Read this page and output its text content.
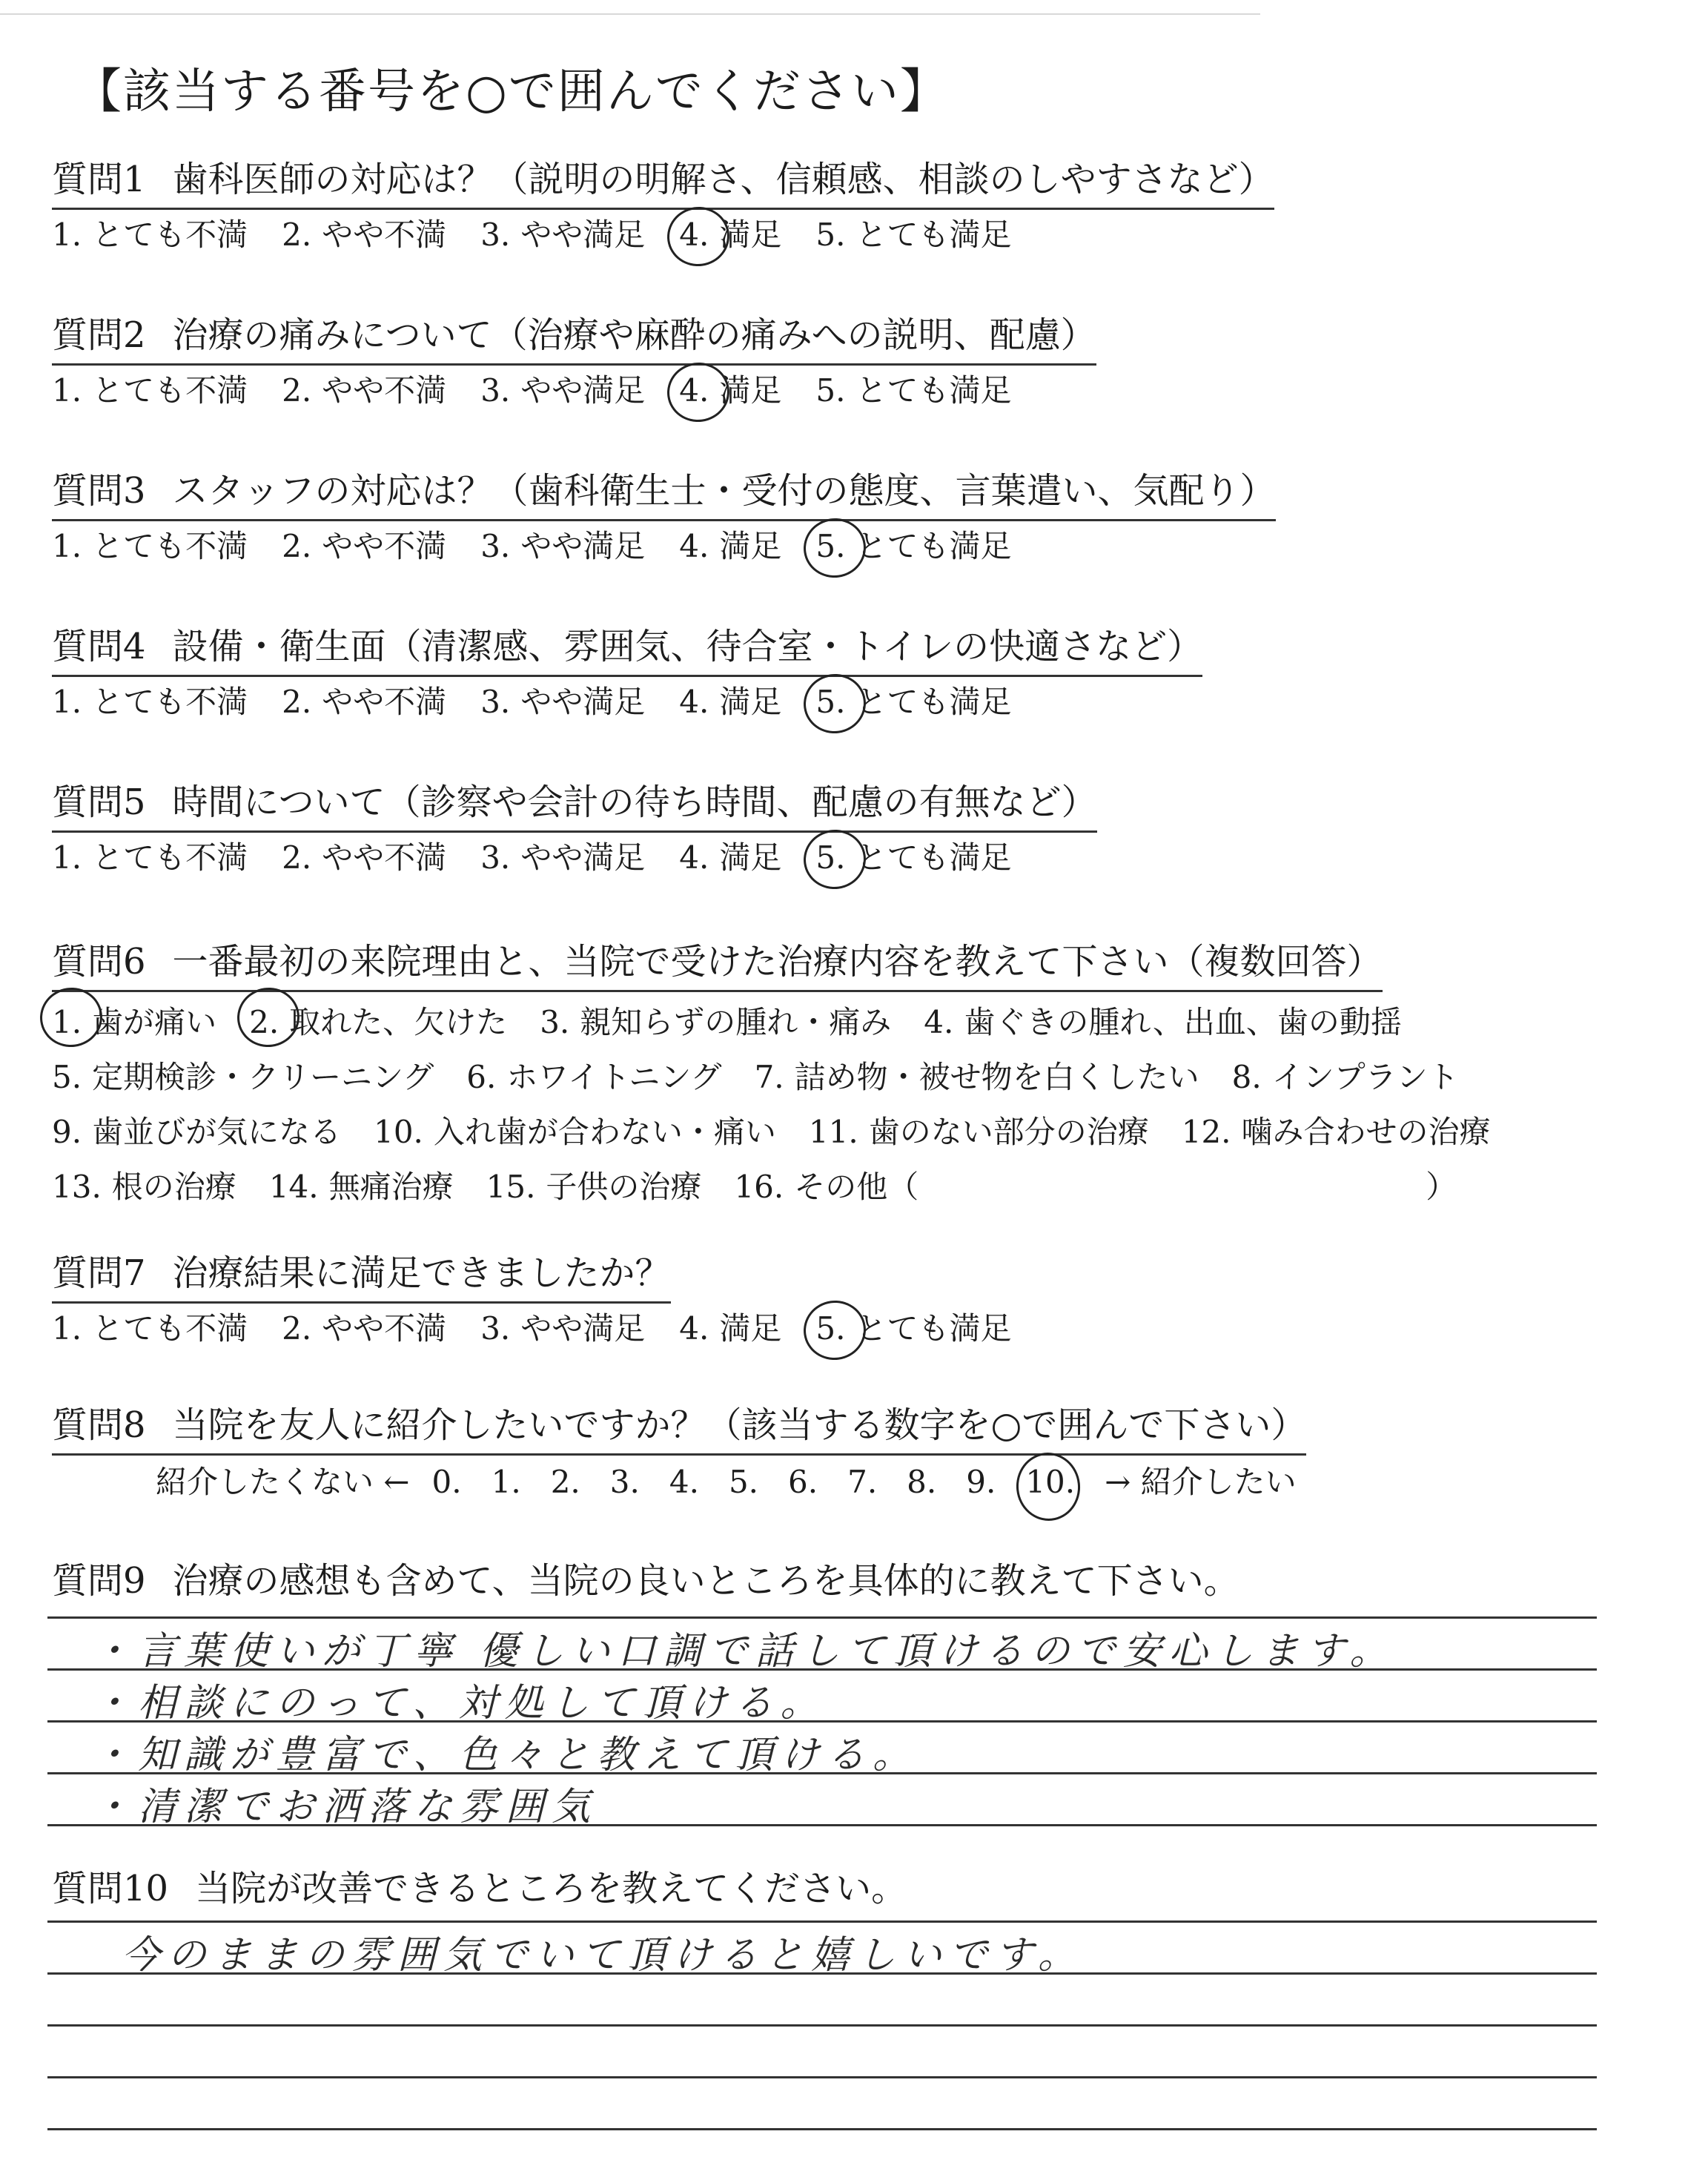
【該当する番号を○で囲んでください】
質問1 歯科医師の対応は？（説明の明解さ、信頼感、相談のしやすさなど）
1. とても不満 2. やや不満 3. やや満足 4. 満足 5. とても満足
質問2 治療の痛みについて（治療や麻酔の痛みへの説明、配慮）
1. とても不満 2. やや不満 3. やや満足 4. 満足 5. とても満足
質問3 スタッフの対応は？（歯科衛生士・受付の態度、言葉遣い、気配り）
1. とても不満 2. やや不満 3. やや満足 4. 満足 5. とても満足
質問4 設備・衛生面（清潔感、雰囲気、待合室・トイレの快適さなど）
1. とても不満 2. やや不満 3. やや満足 4. 満足 5. とても満足
質問5 時間について（診察や会計の待ち時間、配慮の有無など）
1. とても不満 2. やや不満 3. やや満足 4. 満足 5. とても満足
質問6 一番最初の来院理由と、当院で受けた治療内容を教えて下さい（複数回答）
1. 歯が痛い 2. 取れた、欠けた 3. 親知らずの腫れ・痛み 4. 歯ぐきの腫れ、出血、歯の動揺
5. 定期検診・クリーニング 6. ホワイトニング 7. 詰め物・被せ物を白くしたい 8. インプラント
9. 歯並びが気になる 10. 入れ歯が合わない・痛い 11. 歯のない部分の治療 12. 噛み合わせの治療
13. 根の治療 14. 無痛治療 15. 子供の治療 16. その他（	）
質問7 治療結果に満足できましたか？
1. とても不満 2. やや不満 3. やや満足 4. 満足 5. とても満足
質問8 当院を友人に紹介したいですか？（該当する数字を○で囲んで下さい）
紹介したくない ← 0. 1. 2. 3. 4. 5. 6. 7. 8. 9. 10. → 紹介したい
質問9 治療の感想も含めて、当院の良いところを具体的に教えて下さい。
・言葉使いが丁寧 優しい口調で話して頂けるので安心します。
・相談にのって、対処して頂ける。
・知識が豊富で、色々と教えて頂ける。
・清潔でお洒落な雰囲気
質問10 当院が改善できるところを教えてください。
今のままの雰囲気でいて頂けると嬉しいです。
